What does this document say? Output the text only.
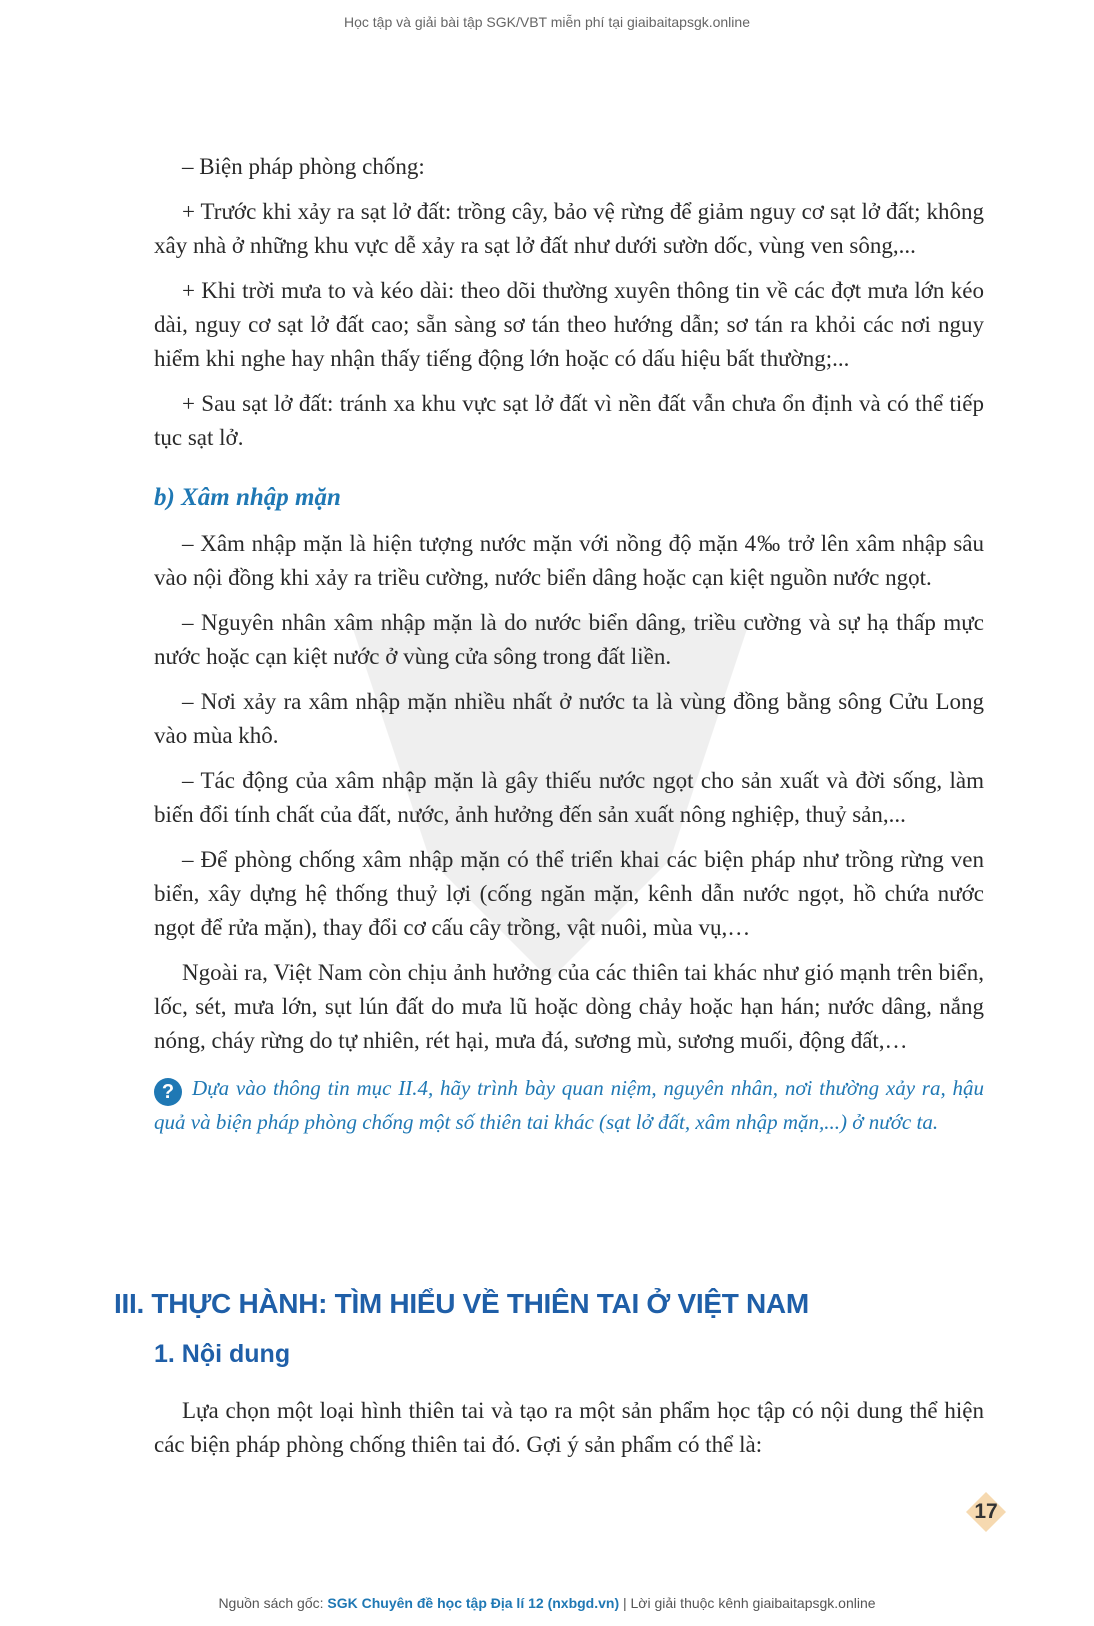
Học tập và giải bài tập SGK/VBT miễn phí tại giaibaitapsgk.online

– Biện pháp phòng chống:

+ Trước khi xảy ra sạt lở đất: trồng cây, bảo vệ rừng để giảm nguy cơ sạt lở đất; không xây nhà ở những khu vực dễ xảy ra sạt lở đất như dưới sườn dốc, vùng ven sông,...

+ Khi trời mưa to và kéo dài: theo dõi thường xuyên thông tin về các đợt mưa lớn kéo dài, nguy cơ sạt lở đất cao; sẵn sàng sơ tán theo hướng dẫn; sơ tán ra khỏi các nơi nguy hiểm khi nghe hay nhận thấy tiếng động lớn hoặc có dấu hiệu bất thường;...

+ Sau sạt lở đất: tránh xa khu vực sạt lở đất vì nền đất vẫn chưa ổn định và có thể tiếp tục sạt lở.

b) Xâm nhập mặn

– Xâm nhập mặn là hiện tượng nước mặn với nồng độ mặn 4‰ trở lên xâm nhập sâu vào nội đồng khi xảy ra triều cường, nước biển dâng hoặc cạn kiệt nguồn nước ngọt.

– Nguyên nhân xâm nhập mặn là do nước biển dâng, triều cường và sự hạ thấp mực nước hoặc cạn kiệt nước ở vùng cửa sông trong đất liền.

– Nơi xảy ra xâm nhập mặn nhiều nhất ở nước ta là vùng đồng bằng sông Cửu Long vào mùa khô.

– Tác động của xâm nhập mặn là gây thiếu nước ngọt cho sản xuất và đời sống, làm biến đổi tính chất của đất, nước, ảnh hưởng đến sản xuất nông nghiệp, thuỷ sản,...

– Để phòng chống xâm nhập mặn có thể triển khai các biện pháp như trồng rừng ven biển, xây dựng hệ thống thuỷ lợi (cống ngăn mặn, kênh dẫn nước ngọt, hồ chứa nước ngọt để rửa mặn), thay đổi cơ cấu cây trồng, vật nuôi, mùa vụ,…

Ngoài ra, Việt Nam còn chịu ảnh hưởng của các thiên tai khác như gió mạnh trên biển, lốc, sét, mưa lớn, sụt lún đất do mưa lũ hoặc dòng chảy hoặc hạn hán; nước dâng, nắng nóng, cháy rừng do tự nhiên, rét hại, mưa đá, sương mù, sương muối, động đất,…

? Dựa vào thông tin mục II.4, hãy trình bày quan niệm, nguyên nhân, nơi thường xảy ra, hậu quả và biện pháp phòng chống một số thiên tai khác (sạt lở đất, xâm nhập mặn,...) ở nước ta.
III. THỰC HÀNH: TÌM HIỂU VỀ THIÊN TAI Ở VIỆT NAM
1. Nội dung

Lựa chọn một loại hình thiên tai và tạo ra một sản phẩm học tập có nội dung thể hiện các biện pháp phòng chống thiên tai đó. Gợi ý sản phẩm có thể là:

17
Nguồn sách gốc: SGK Chuyên đề học tập Địa lí 12 (nxbgd.vn) | Lời giải thuộc kênh giaibaitapsgk.online
